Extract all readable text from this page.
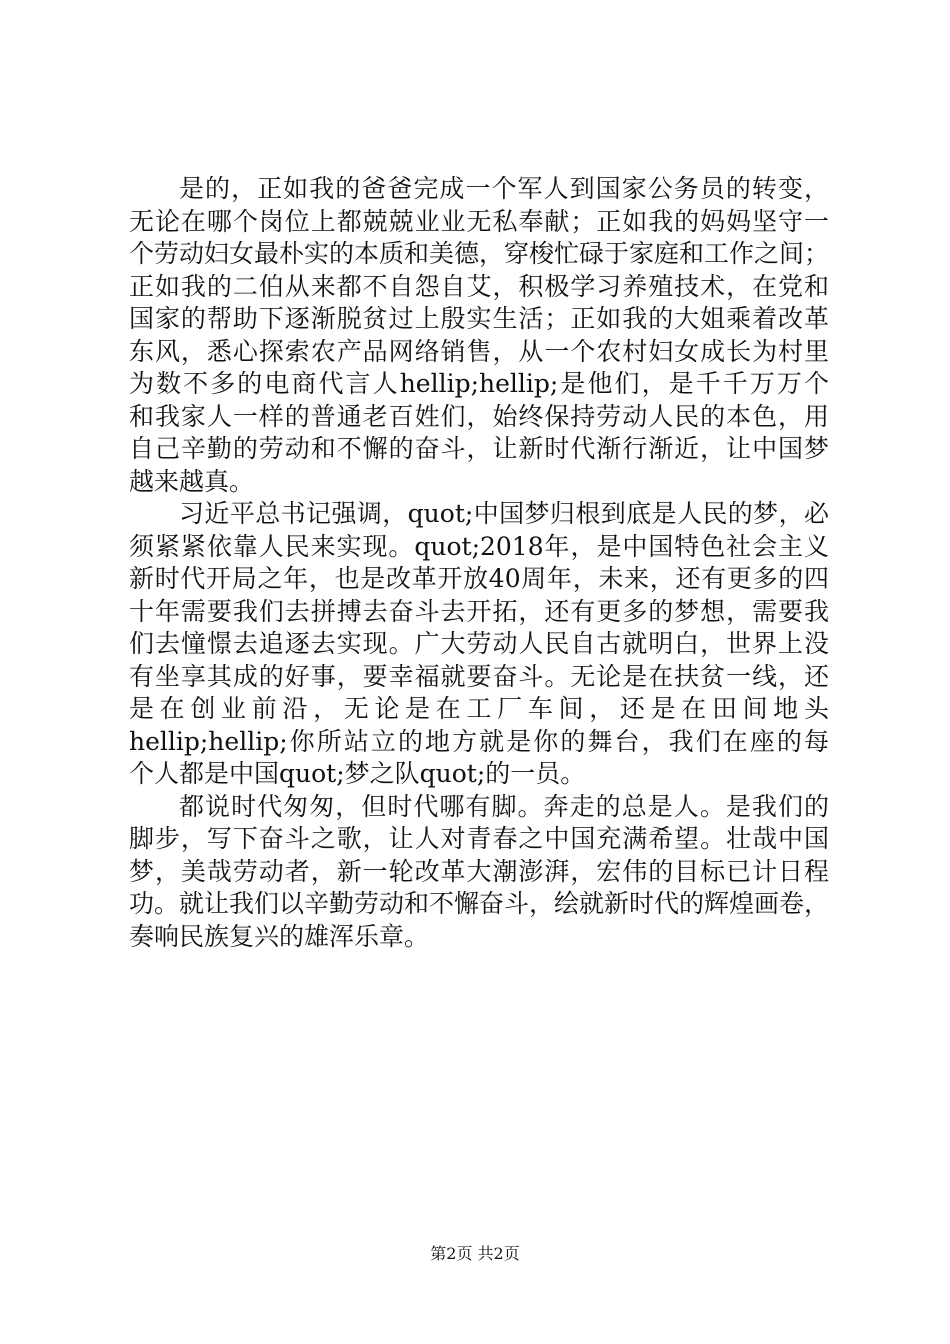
是的，正如我的爸爸完成一个军人到国家公务员的转变，
无论在哪个岗位上都兢兢业业无私奉献；正如我的妈妈坚守一
个劳动妇女最朴实的本质和美德，穿梭忙碌于家庭和工作之间；
正如我的二伯从来都不自怨自艾，积极学习养殖技术，在党和
国家的帮助下逐渐脱贫过上殷实生活；正如我的大姐乘着改革
东风，悉心探索农产品网络销售，从一个农村妇女成长为村里
为数不多的电商代言人hellip;hellip;是他们，是千千万万个
和我家人一样的普通老百姓们，始终保持劳动人民的本色，用
自己辛勤的劳动和不懈的奋斗，让新时代渐行渐近，让中国梦
越来越真。
习近平总书记强调，quot;中国梦归根到底是人民的梦，必
须紧紧依靠人民来实现。quot;2018年，是中国特色社会主义
新时代开局之年，也是改革开放40周年，未来，还有更多的四
十年需要我们去拼搏去奋斗去开拓，还有更多的梦想，需要我
们去憧憬去追逐去实现。广大劳动人民自古就明白，世界上没
有坐享其成的好事，要幸福就要奋斗。无论是在扶贫一线，还
是在创业前沿，无论是在工厂车间，还是在田间地头
hellip;hellip;你所站立的地方就是你的舞台，我们在座的每
个人都是中国quot;梦之队quot;的一员。
都说时代匆匆，但时代哪有脚。奔走的总是人。是我们的
脚步，写下奋斗之歌，让人对青春之中国充满希望。壮哉中国
梦，美哉劳动者，新一轮改革大潮澎湃，宏伟的目标已计日程
功。就让我们以辛勤劳动和不懈奋斗，绘就新时代的辉煌画卷，
奏响民族复兴的雄浑乐章。
第2页 共2页
